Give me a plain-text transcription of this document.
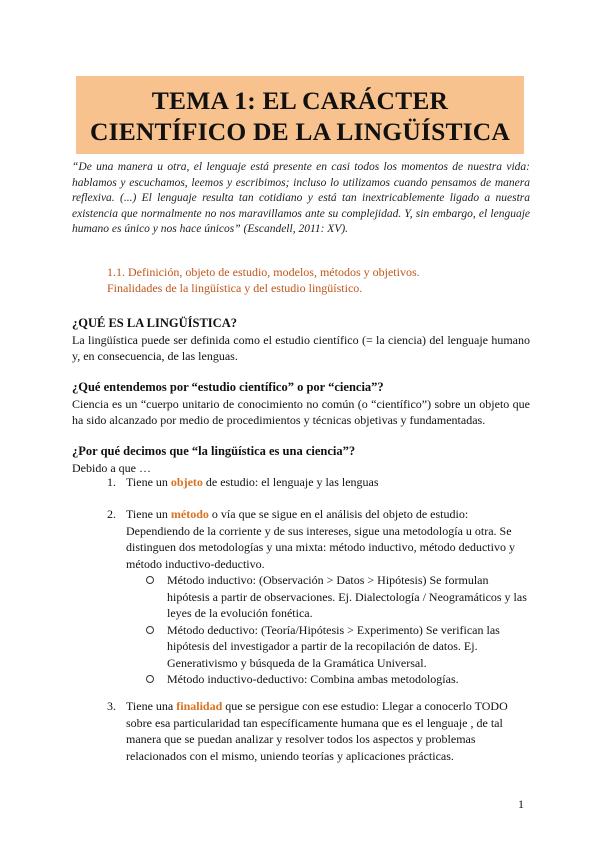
TEMA 1: EL CARÁCTER
CIENTÍFICO DE LA LINGÜÍSTICA

“De una manera u otra, el lenguaje está presente en casi todos los momentos de nuestra vida: hablamos y escuchamos, leemos y escribimos; incluso lo utilizamos cuando pensamos de manera reflexiva. (...) El lenguaje resulta tan cotidiano y está tan inextricablemente ligado a nuestra existencia que normalmente no nos maravillamos ante su complejidad. Y, sin embargo, el lenguaje humano es único y nos hace únicos” (Escandell, 2011: XV).

1.1. Definición, objeto de estudio, modelos, métodos y objetivos.

Finalidades de la lingüística y del estudio lingüístico.

¿QUÉ ES LA LINGÜÍSTICA?

La lingüística puede ser definida como el estudio científico (= la ciencia) del lenguaje humano y, en consecuencia, de las lenguas.

¿Qué entendemos por “estudio científico” o por “ciencia”?

Ciencia es un “cuerpo unitario de conocimiento no común (o “científico”) sobre un objeto que ha sido alcanzado por medio de procedimientos y técnicas objetivas y fundamentadas.

¿Por qué decimos que “la lingüística es una ciencia”?

Debido a que …

1. Tiene un objeto de estudio: el lenguaje y las lenguas

2. Tiene un método o vía que se sigue en el análisis del objeto de estudio: Dependiendo de la corriente y de sus intereses, sigue una metodología u otra. Se distinguen dos metodologías y una mixta: método inductivo, método deductivo y método inductivo-deductivo.

Método inductivo: (Observación > Datos > Hipótesis) Se formulan hipótesis a partir de observaciones. Ej. Dialectología / Neogramáticos y las leyes de la evolución fonética.
Método deductivo: (Teoría/Hipótesis > Experimento) Se verifican las hipótesis del investigador a partir de la recopilación de datos. Ej. Generativismo y búsqueda de la Gramática Universal.
Método inductivo-deductivo: Combina ambas metodologías.
3. Tiene una finalidad que se persigue con ese estudio: Llegar a conocerlo TODO sobre esa particularidad tan específicamente humana que es el lenguaje , de tal manera que se puedan analizar y resolver todos los aspectos y problemas relacionados con el mismo, uniendo teorías y aplicaciones prácticas.

1
